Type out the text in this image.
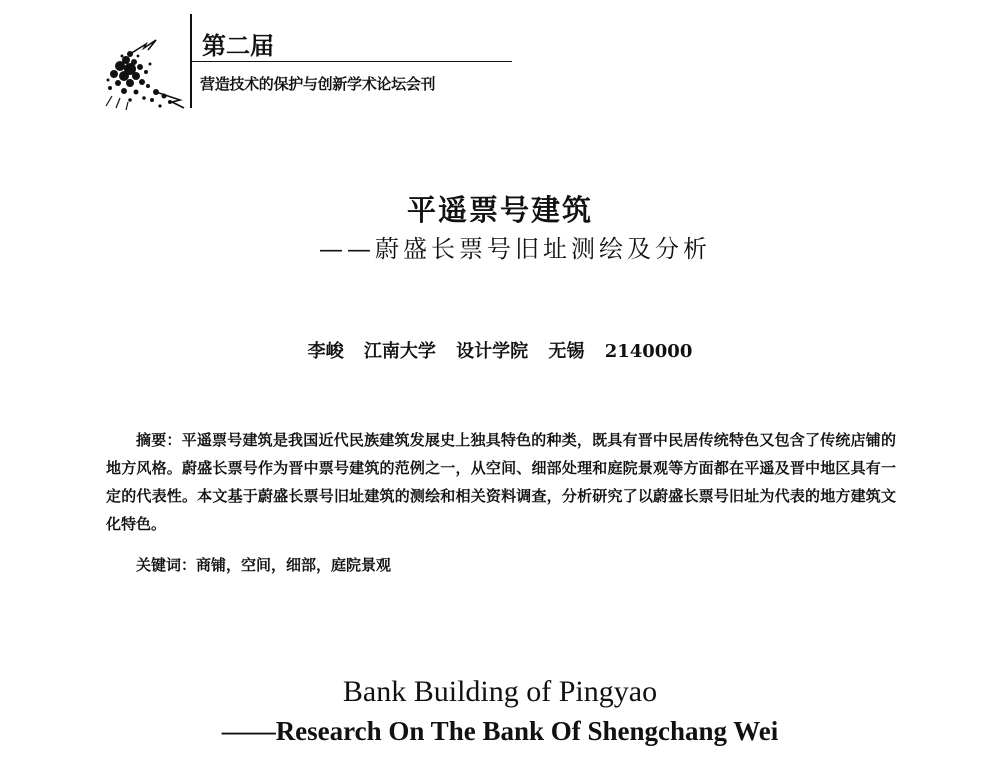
第二届
营造技术的保护与创新学术论坛会刊
平遥票号建筑
——蔚盛长票号旧址测绘及分析
李峻 江南大学 设计学院 无锡 2140000

摘要：平遥票号建筑是我国近代民族建筑发展史上独具特色的种类，既具有晋中民居传统特色又包含了传统店铺的地方风格。蔚盛长票号作为晋中票号建筑的范例之一，从空间、细部处理和庭院景观等方面都在平遥及晋中地区具有一定的代表性。本文基于蔚盛长票号旧址建筑的测绘和相关资料调查，分析研究了以蔚盛长票号旧址为代表的地方建筑文化特色。

关键词：商铺，空间，细部，庭院景观

Bank Building of Pingyao
——Research On The Bank Of Shengchang Wei
